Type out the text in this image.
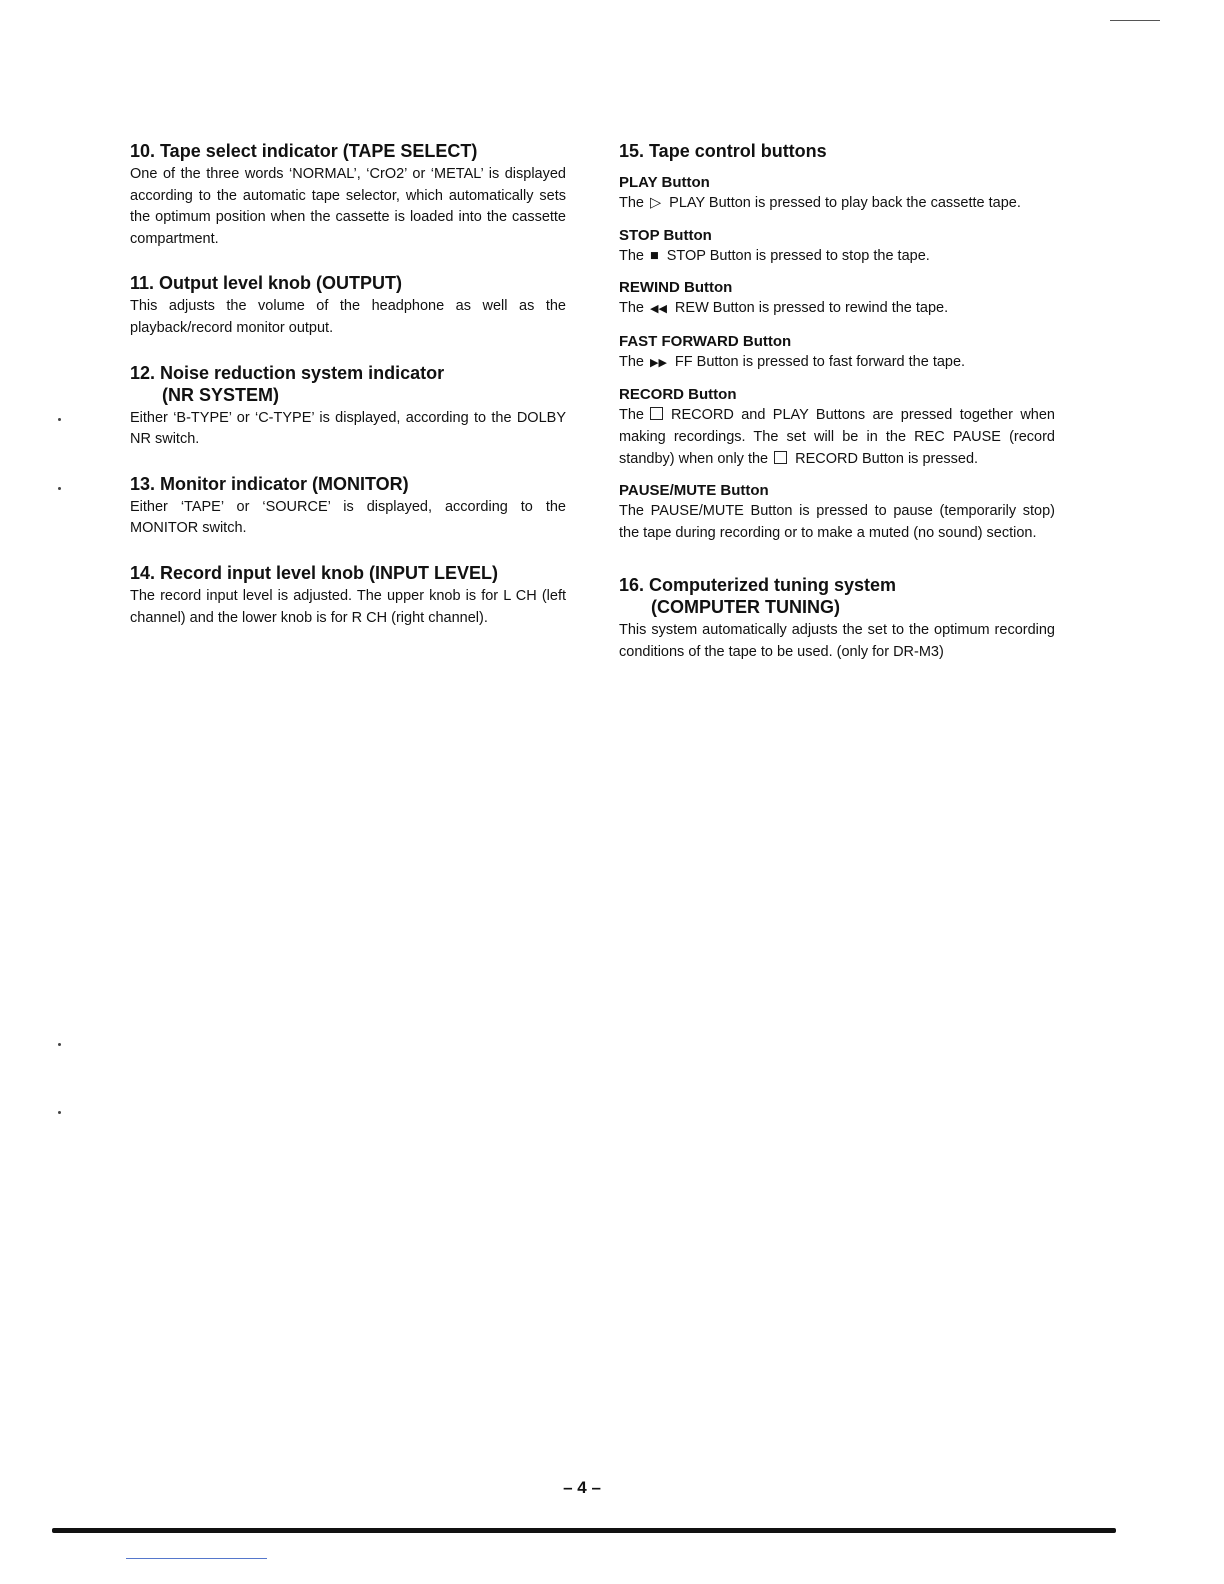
10. Tape select indicator (TAPE SELECT)

One of the three words ‘NORMAL’, ‘CrO2’ or ‘METAL’ is displayed according to the automatic tape selector, which automatically sets the optimum position when the cassette is loaded into the cassette compartment.

11. Output level knob (OUTPUT)

This adjusts the volume of the headphone as well as the playback/record monitor output.

12. Noise reduction system indicator
(NR SYSTEM)

Either ‘B-TYPE’ or ‘C-TYPE’ is displayed, according to the DOLBY NR switch.

13. Monitor indicator (MONITOR)

Either ‘TAPE’ or ‘SOURCE’ is displayed, according to the MONITOR switch.

14. Record input level knob (INPUT LEVEL)

The record input level is adjusted. The upper knob is for L CH (left channel) and the lower knob is for R CH (right channel).

15. Tape control buttons
PLAY Button

The ▷ PLAY Button is pressed to play back the cassette tape.

STOP Button

The ■ STOP Button is pressed to stop the tape.

REWIND Button

The ◀◀ REW Button is pressed to rewind the tape.

FAST FORWARD Button

The ▶▶ FF Button is pressed to fast forward the tape.

RECORD Button

The RECORD and PLAY Buttons are pressed together when making recordings. The set will be in the REC PAUSE (record standby) when only the RECORD Button is pressed.

PAUSE/MUTE Button

The PAUSE/MUTE Button is pressed to pause (temporarily stop) the tape during recording or to make a muted (no sound) section.

16. Computerized tuning system
(COMPUTER TUNING)

This system automatically adjusts the set to the optimum recording conditions of the tape to be used. (only for DR-M3)

– 4 –
